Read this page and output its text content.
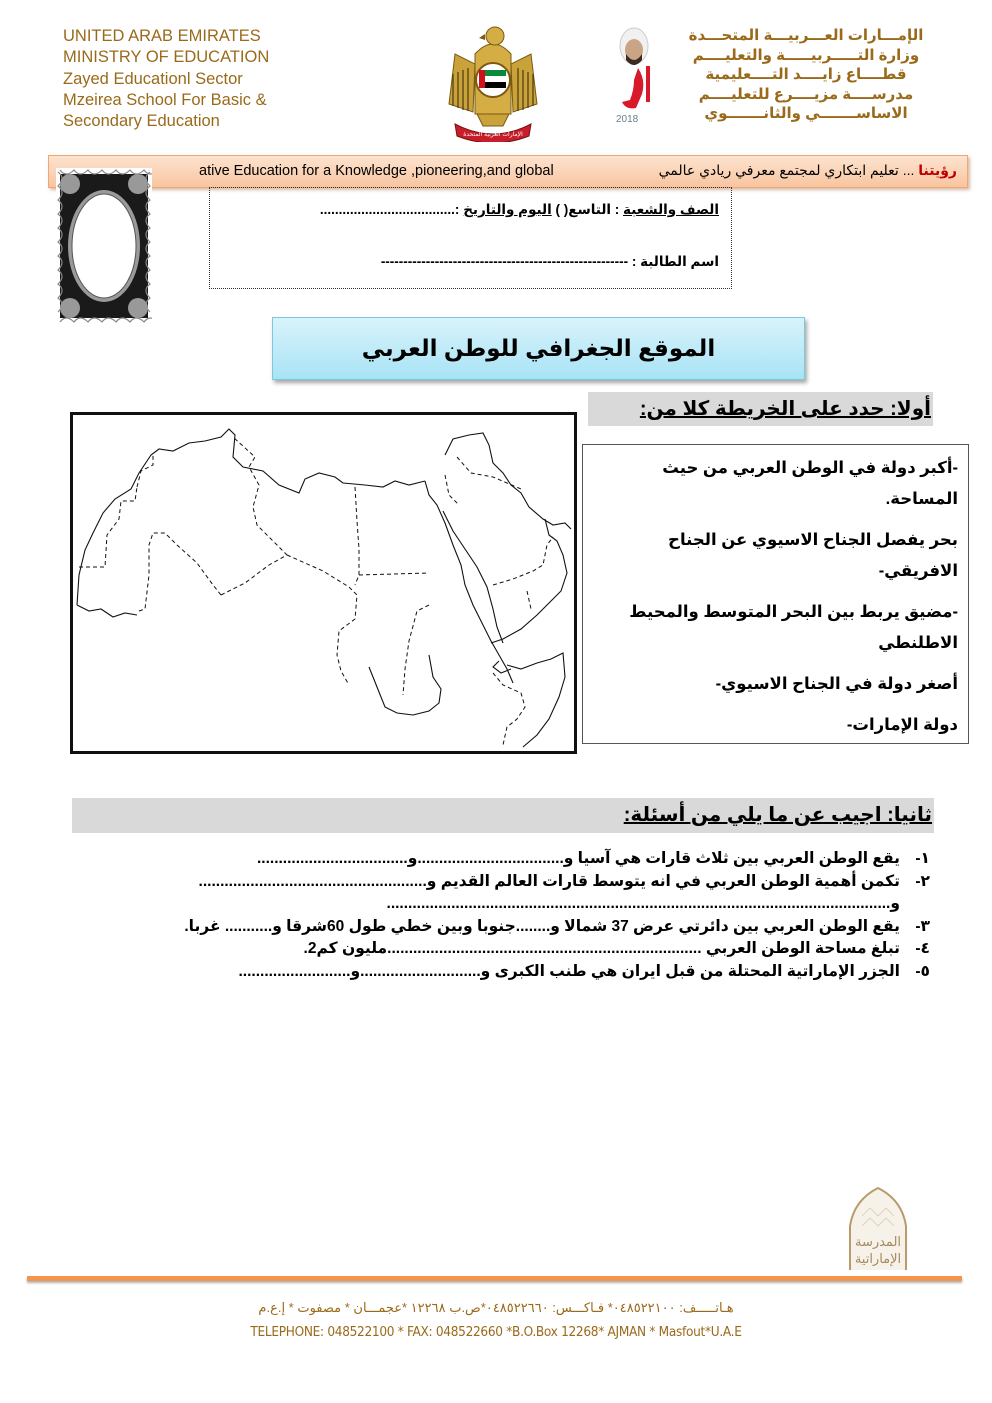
UNITED ARAB EMIRATES
MINISTRY OF EDUCATION
Zayed Educationl Sector
Mzeirea School For Basic &
Secondary Education
الإمارات العربية المتحدة
2018
الإمـــارات العـــربيـــة المتحـــدة
وزارة التـــــربيـــــة والتعليــــم
قطــــاع زايــــد التــــعليمية
مدرســــة مزيــــرع للتعليــــم
الاساســـــــي والثانـــــــوي
رؤيتنا ... تعليم ابتكاري لمجتمع معرفي ريادي عالمي
ative Education for a Knowledge ,pioneering,and global
الصف والشعبة : التاسع( ) اليوم والتاريخ :....................................
اسم الطالبة : -------------------------------------------------------
الموقع الجغرافي للوطن العربي
أولا: حدد على الخريطة كلا من:
-أكبر دولة في الوطن العربي من حيث المساحة.
بحر يفصل الجناح الاسيوي عن الجناح الافريقي-
-مضيق يربط بين البحر المتوسط والمحيط الاطلنطي
أصغر دولة في الجناح الاسيوي-
دولة الإمارات-
ثانيا: اجيب عن ما يلي من أسئلة:
١-يقع الوطن العربي بين ثلاث قارات هي آسيا و..................................و...................................
٢-تكمن أهمية الوطن العربي في انه يتوسط قارات العالم القديم و.....................................................
و.....................................................................................................................
٣-يقع الوطن العربي بين دائرتي عرض 37 شمالا و........جنوبا وبين خطي طول 60شرقا و........... غربا.
٤-تبلغ مساحة الوطن العربي .........................................................................مليون كم2.
٥-الجزر الإماراتية المحتلة من قبل ايران هي طنب الكبرى و............................و..........................
المدرسة
الإماراتية
هـاتـــــف: ٠٤٨٥٢٢١٠٠* فـاكـــس: ٠٤٨٥٢٢٦٦٠*ص.ب ١٢٢٦٨ *عجمـــان * مصفوت * إ.ع.م
TELEPHONE: 048522100 * FAX: 048522660 *B.O.Box 12268* AJMAN * Masfout*U.A.E
